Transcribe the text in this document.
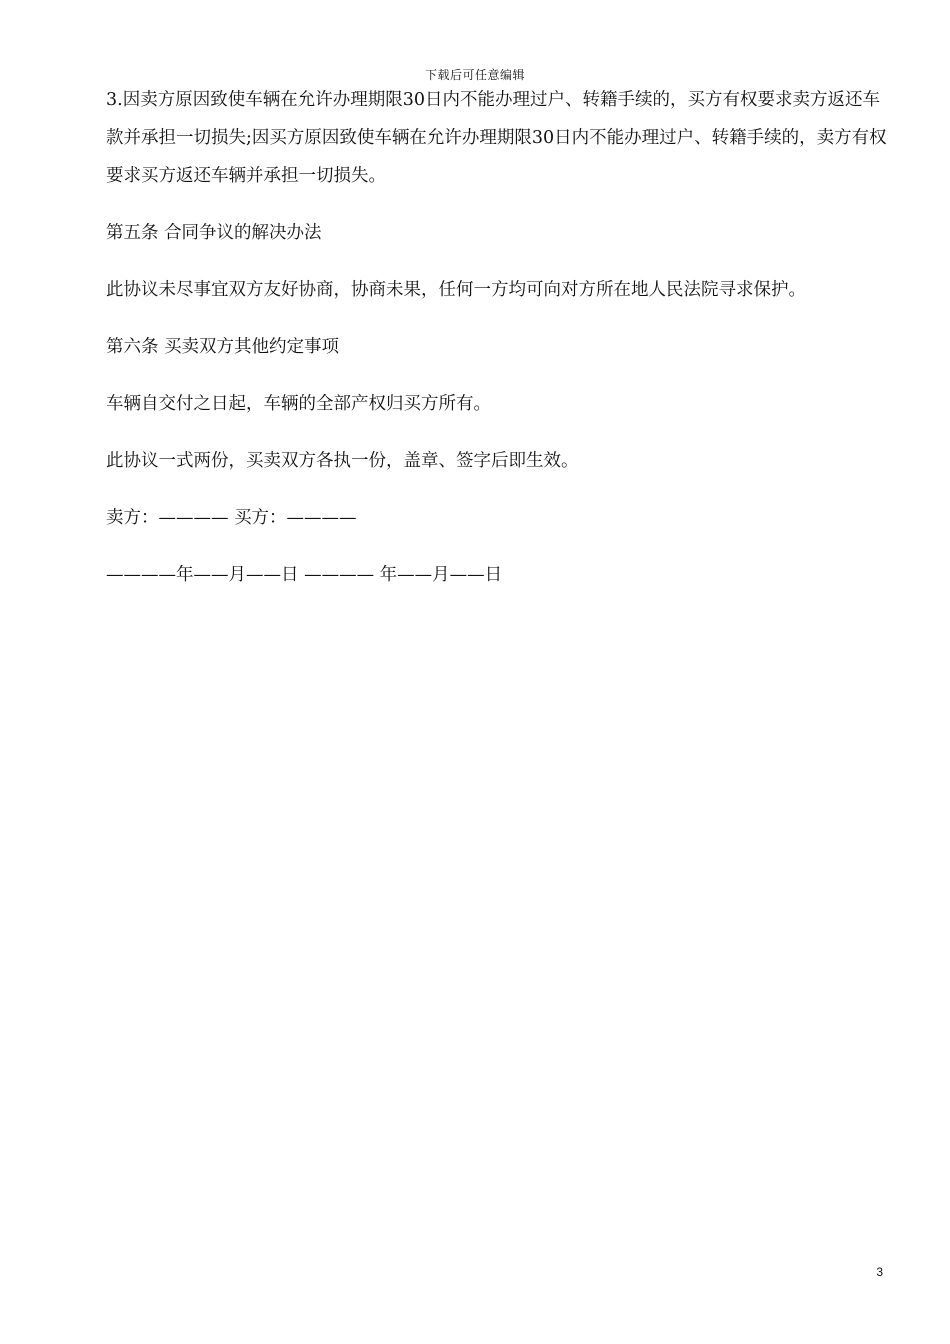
下载后可任意编辑

3.因卖方原因致使车辆在允许办理期限30日内不能办理过户、转籍手续的，买方有权要求卖方返还车款并承担一切损失;因买方原因致使车辆在允许办理期限30日内不能办理过户、转籍手续的，卖方有权要求买方返还车辆并承担一切损失。

第五条 合同争议的解决办法

此协议未尽事宜双方友好协商，协商未果，任何一方均可向对方所在地人民法院寻求保护。

第六条 买卖双方其他约定事项

车辆自交付之日起，车辆的全部产权归买方所有。

此协议一式两份，买卖双方各执一份，盖章、签字后即生效。

卖方：———— 买方：————

————年——月——日 ———— 年——月——日

3
